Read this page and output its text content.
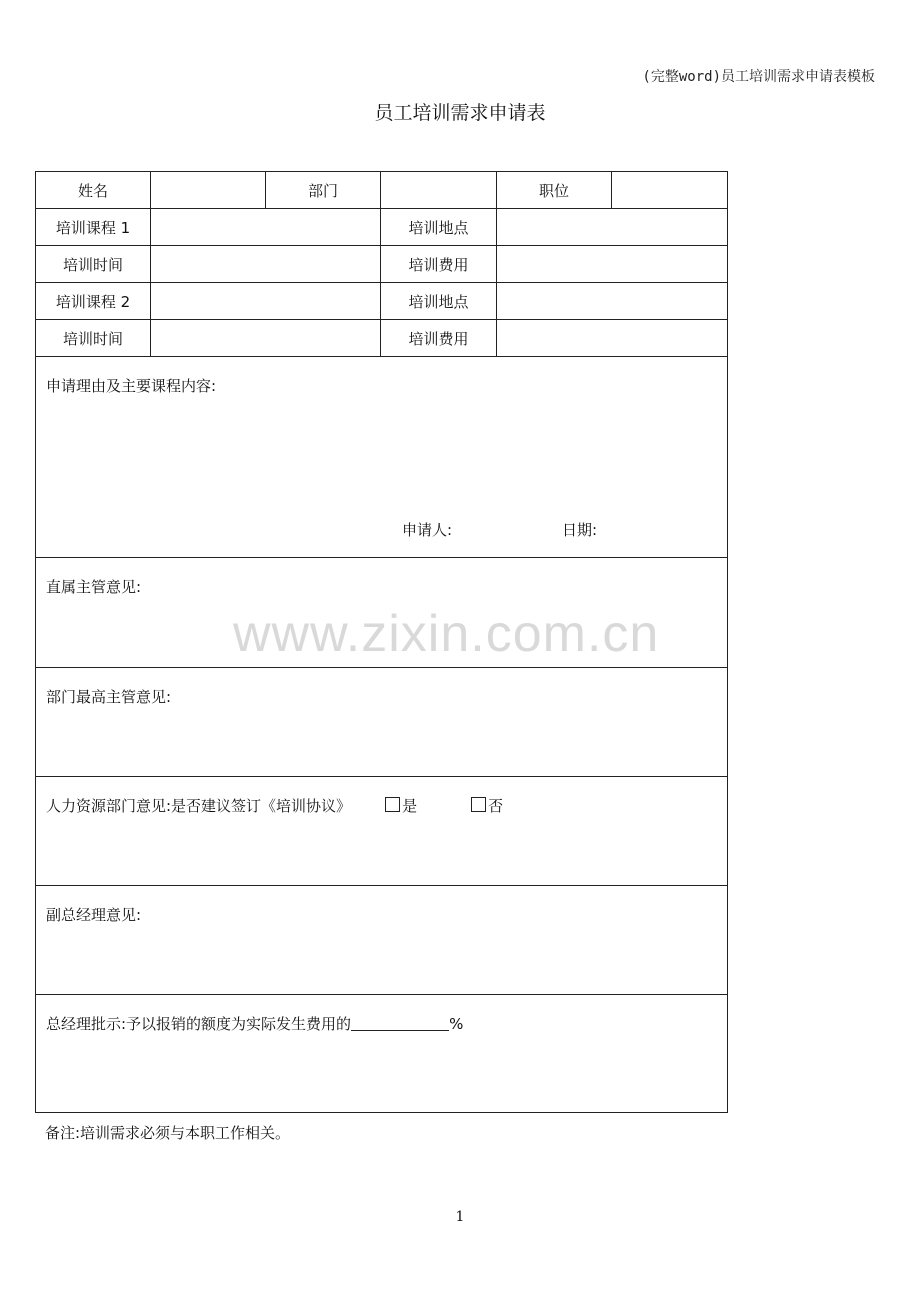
(完整word)员工培训需求申请表模板
员工培训需求申请表
姓名		部门		职位	
培训课程 1			培训地点		
培训时间			培训费用		
培训课程 2			培训地点		
培训时间			培训费用		

申请理由及主要课程内容:
申请人: 日期:					

直属主管意见:					

部门最高主管意见:					

人力资源部门意见:是否建议签订《培训协议》 是 否					

副总经理意见:					

总经理批示:予以报销的额度为实际发生费用的 %					
www.zixin.com.cn
备注:培训需求必须与本职工作相关。
1
